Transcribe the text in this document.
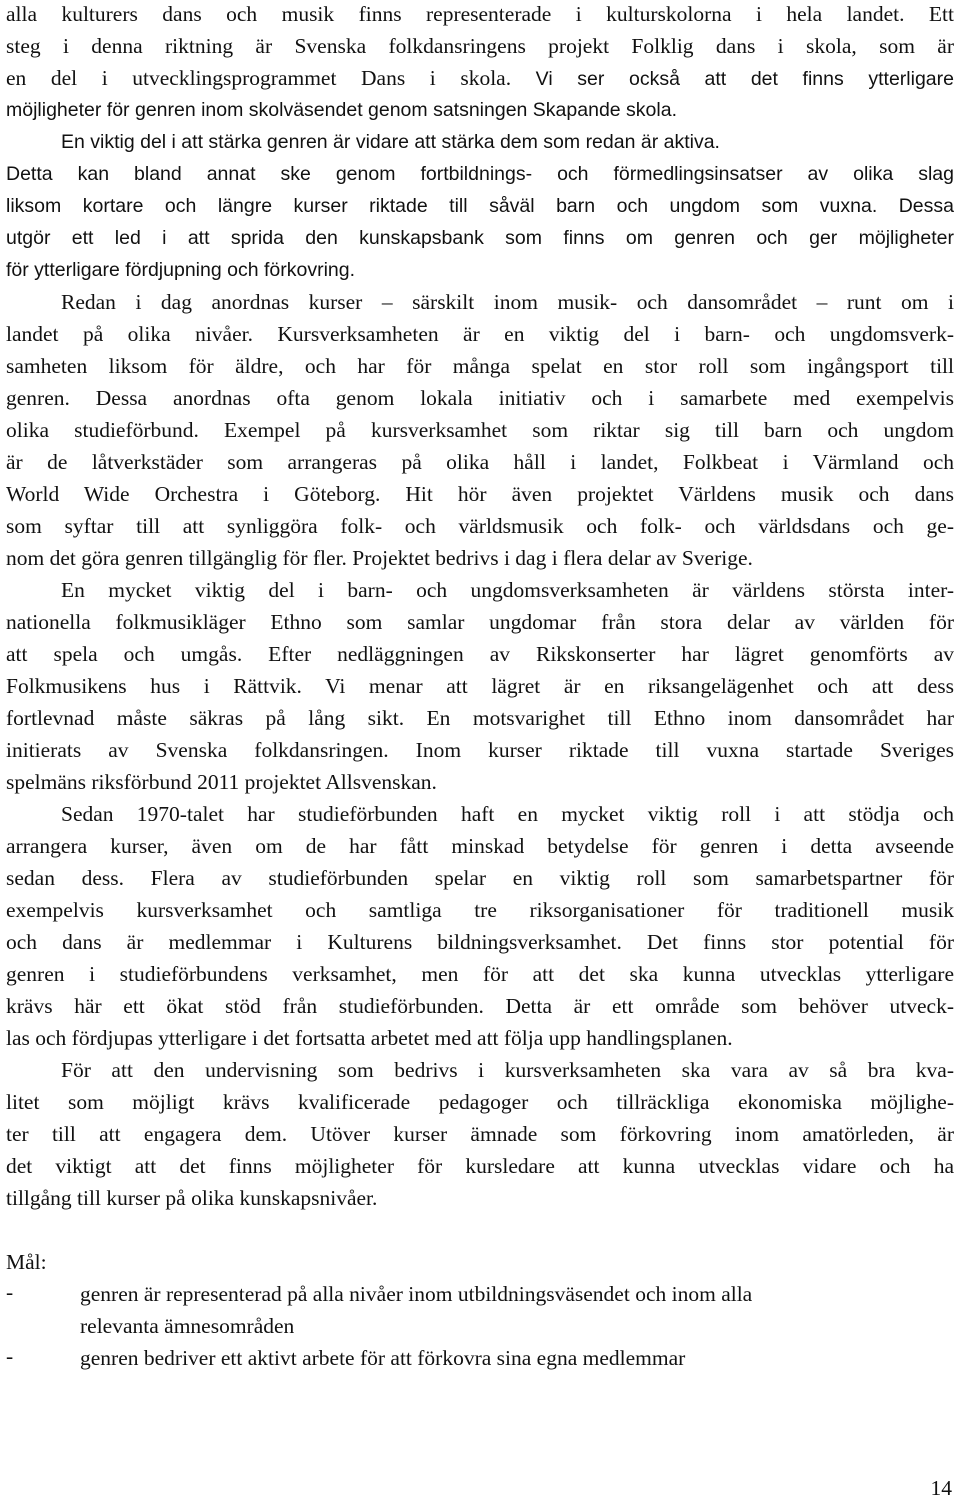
alla kulturers dans och musik finns representerade i kulturskolorna i hela landet. Ett
steg i denna riktning är Svenska folkdansringens projekt Folklig dans i skola, som är
en del i utvecklingsprogrammet Dans i skola. Vi ser också att det finns ytterligare
möjligheter för genren inom skolväsendet genom satsningen Skapande skola.
En viktig del i att stärka genren är vidare att stärka dem som redan är aktiva.
Detta kan bland annat ske genom fortbildnings- och förmedlingsinsatser av olika slag
liksom kortare och längre kurser riktade till såväl barn och ungdom som vuxna. Dessa
utgör ett led i att sprida den kunskapsbank som finns om genren och ger möjligheter
för ytterligare fördjupning och förkovring.
Redan i dag anordnas kurser – särskilt inom musik- och dansområdet – runt om i
landet på olika nivåer. Kursverksamheten är en viktig del i barn- och ungdomsverk-
samheten liksom för äldre, och har för många spelat en stor roll som ingångsport till
genren. Dessa anordnas ofta genom lokala initiativ och i samarbete med exempelvis
olika studieförbund. Exempel på kursverksamhet som riktar sig till barn och ungdom
är de låtverkstäder som arrangeras på olika håll i landet, Folkbeat i Värmland och
World Wide Orchestra i Göteborg. Hit hör även projektet Världens musik och dans
som syftar till att synliggöra folk- och världsmusik och folk- och världsdans och ge-
nom det göra genren tillgänglig för fler. Projektet bedrivs i dag i flera delar av Sverige.
En mycket viktig del i barn- och ungdomsverksamheten är världens största inter-
nationella folkmusikläger Ethno som samlar ungdomar från stora delar av världen för
att spela och umgås. Efter nedläggningen av Rikskonserter har lägret genomförts av
Folkmusikens hus i Rättvik. Vi menar att lägret är en riksangelägenhet och att dess
fortlevnad måste säkras på lång sikt. En motsvarighet till Ethno inom dansområdet har
initierats av Svenska folkdansringen. Inom kurser riktade till vuxna startade Sveriges
spelmäns riksförbund 2011 projektet Allsvenskan.
Sedan 1970-talet har studieförbunden haft en mycket viktig roll i att stödja och
arrangera kurser, även om de har fått minskad betydelse för genren i detta avseende
sedan dess. Flera av studieförbunden spelar en viktig roll som samarbetspartner för
exempelvis kursverksamhet och samtliga tre riksorganisationer för traditionell musik
och dans är medlemmar i Kulturens bildningsverksamhet. Det finns stor potential för
genren i studieförbundens verksamhet, men för att det ska kunna utvecklas ytterligare
krävs här ett ökat stöd från studieförbunden. Detta är ett område som behöver utveck-
las och fördjupas ytterligare i det fortsatta arbetet med att följa upp handlingsplanen.
För att den undervisning som bedrivs i kursverksamheten ska vara av så bra kva-
litet som möjligt krävs kvalificerade pedagoger och tillräckliga ekonomiska möjlighe-
ter till att engagera dem. Utöver kurser ämnade som förkovring inom amatörleden, är
det viktigt att det finns möjligheter för kursledare att kunna utvecklas vidare och ha
tillgång till kurser på olika kunskapsnivåer.
Mål:
-	genren är representerad på alla nivåer inom utbildningsväsendet och inom alla
relevanta ämnesområden
-	genren bedriver ett aktivt arbete för att förkovra sina egna medlemmar
14
